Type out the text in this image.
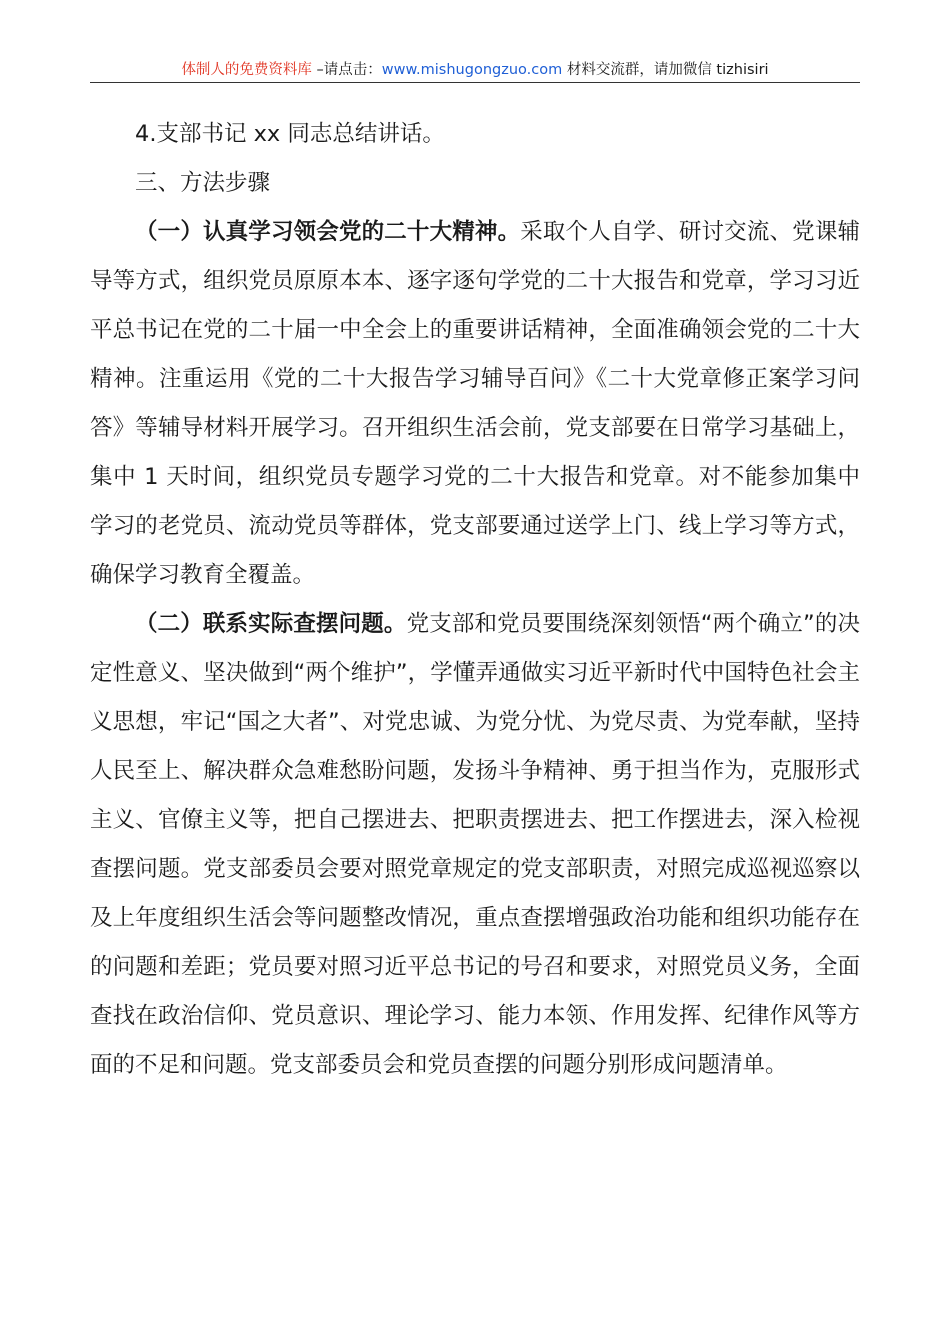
体制人的免费资料库 –请点击：www.mishugongzuo.com 材料交流群，请加微信 tizhisiri

4.支部书记 xx 同志总结讲话。

三、方法步骤

（一）认真学习领会党的二十大精神。采取个人自学、研讨交流、党课辅导等方式，组织党员原原本本、逐字逐句学党的二十大报告和党章，学习习近平总书记在党的二十届一中全会上的重要讲话精神，全面准确领会党的二十大精神。注重运用《党的二十大报告学习辅导百问》《二十大党章修正案学习问答》等辅导材料开展学习。召开组织生活会前，党支部要在日常学习基础上，集中 1 天时间，组织党员专题学习党的二十大报告和党章。对不能参加集中学习的老党员、流动党员等群体，党支部要通过送学上门、线上学习等方式，确保学习教育全覆盖。

（二）联系实际查摆问题。党支部和党员要围绕深刻领悟“两个确立”的决定性意义、坚决做到“两个维护”，学懂弄通做实习近平新时代中国特色社会主义思想，牢记“国之大者”、对党忠诚、为党分忧、为党尽责、为党奉献，坚持人民至上、解决群众急难愁盼问题，发扬斗争精神、勇于担当作为，克服形式主义、官僚主义等，把自己摆进去、把职责摆进去、把工作摆进去，深入检视查摆问题。党支部委员会要对照党章规定的党支部职责，对照完成巡视巡察以及上年度组织生活会等问题整改情况，重点查摆增强政治功能和组织功能存在的问题和差距；党员要对照习近平总书记的号召和要求，对照党员义务，全面查找在政治信仰、党员意识、理论学习、能力本领、作用发挥、纪律作风等方面的不足和问题。党支部委员会和党员查摆的问题分别形成问题清单。
